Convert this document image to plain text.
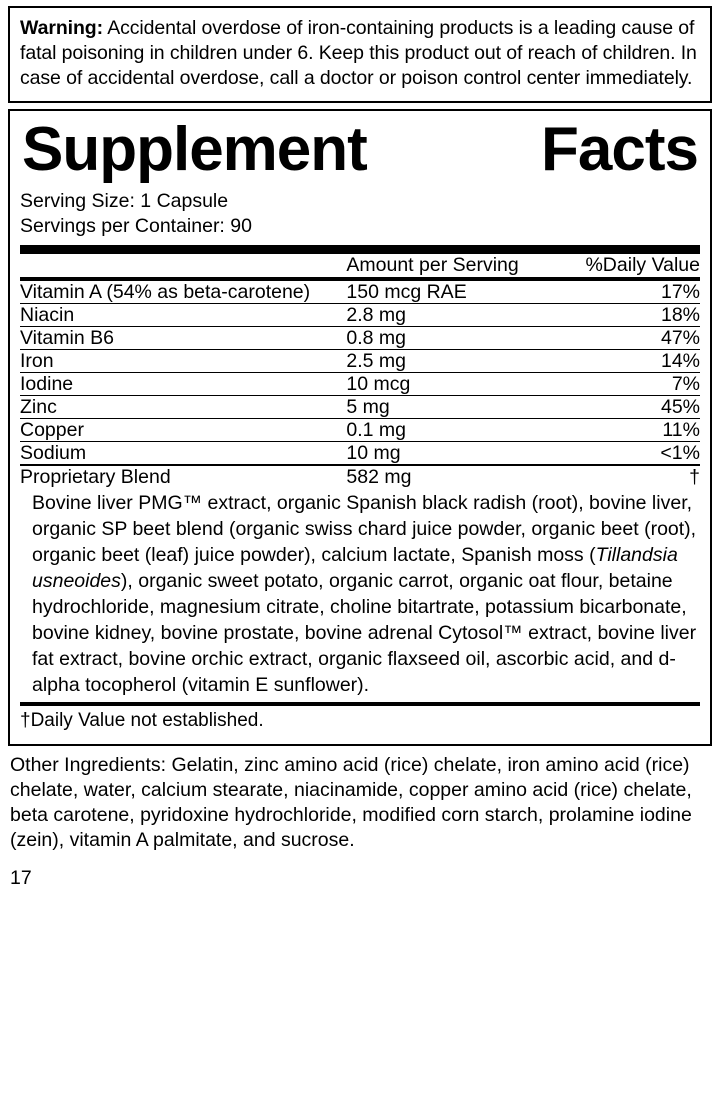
Warning: Accidental overdose of iron-containing products is a leading cause of fatal poisoning in children under 6. Keep this product out of reach of children. In case of accidental overdose, call a doctor or poison control center immediately.
Supplement	Facts
Serving Size: 1 Capsule
Servings per Container: 90
	Amount per Serving	%Daily Value
Vitamin A (54% as beta-carotene)	150 mcg RAE	17%
Niacin	2.8 mg	18%
Vitamin B6	0.8 mg	47%
Iron	2.5 mg	14%
Iodine	10 mcg	7%
Zinc	5 mg	45%
Copper	0.1 mg	11%
Sodium	10 mg	<1%
Proprietary Blend	582 mg	†
Bovine liver PMG™ extract, organic Spanish black radish (root), bovine liver, organic SP beet blend (organic swiss chard juice powder, organic beet (root), organic beet (leaf) juice powder), calcium lactate, Spanish moss (Tillandsia usneoides), organic sweet potato, organic carrot, organic oat flour, betaine hydrochloride, magnesium citrate, choline bitartrate, potassium bicarbonate, bovine kidney, bovine prostate, bovine adrenal Cytosol™ extract, bovine liver fat extract, bovine orchic extract, organic flaxseed oil, ascorbic acid, and d-alpha tocopherol (vitamin E sunflower).
†Daily Value not established.
Other Ingredients: Gelatin, zinc amino acid (rice) chelate, iron amino acid (rice) chelate, water, calcium stearate, niacinamide, copper amino acid (rice) chelate, beta carotene, pyridoxine hydrochloride, modified corn starch, prolamine iodine (zein), vitamin A palmitate, and sucrose.
17
